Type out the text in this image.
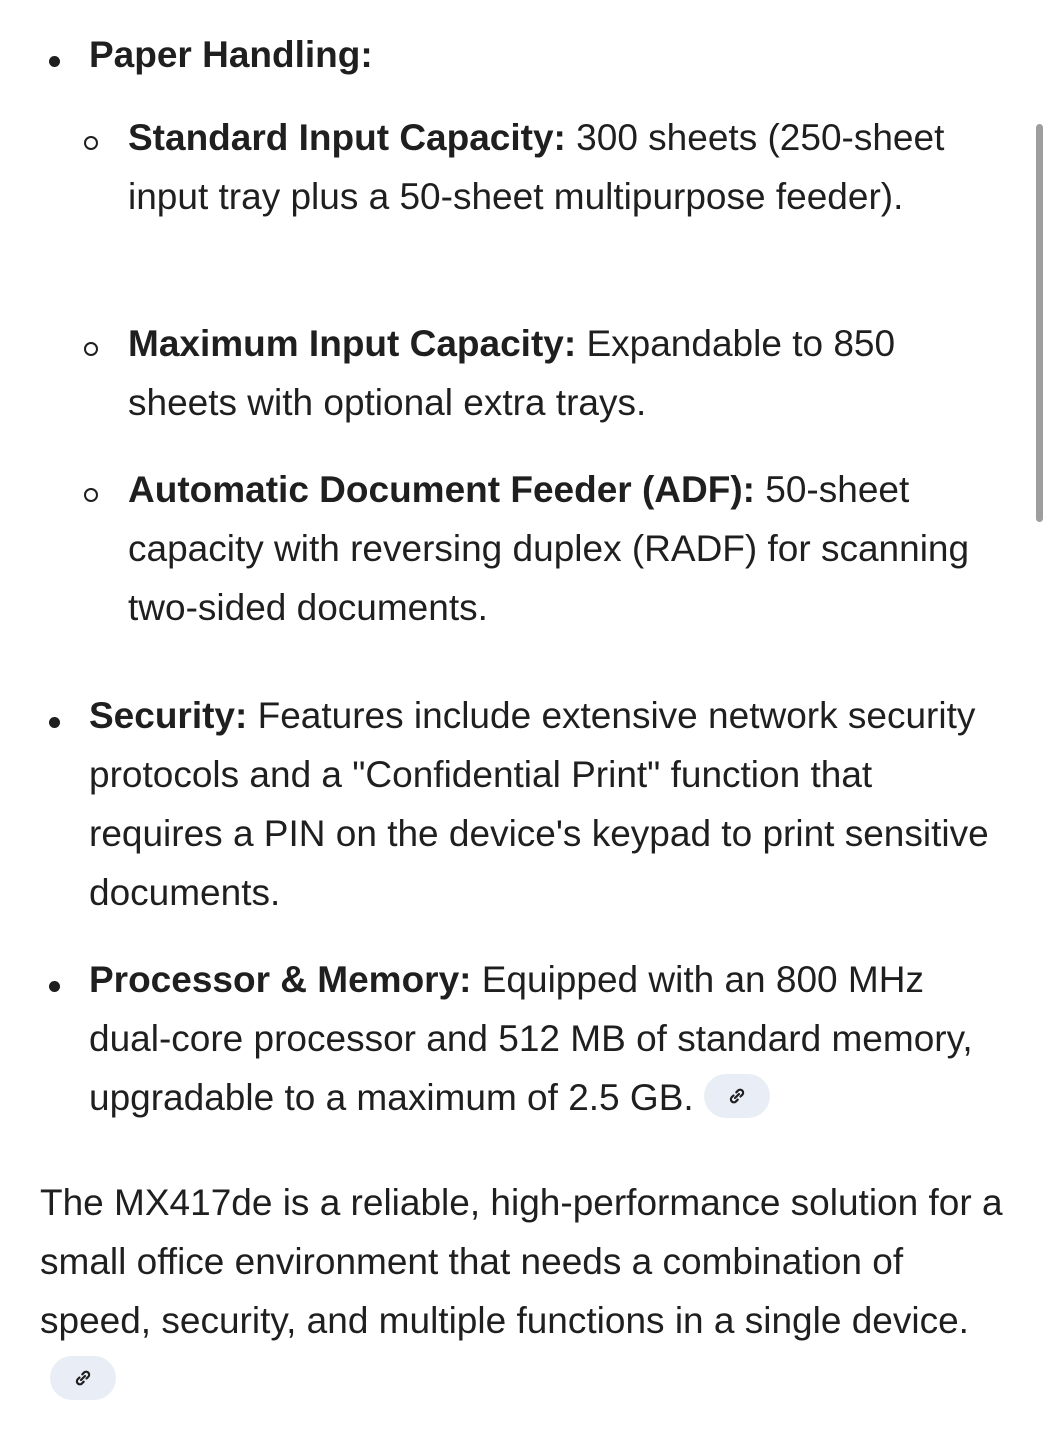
Paper Handling:
Standard Input Capacity: 300 sheets (250-sheet input tray plus a 50-sheet multipurpose feeder).
Maximum Input Capacity: Expandable to 850 sheets with optional extra trays.
Automatic Document Feeder (ADF): 50-sheet capacity with reversing duplex (RADF) for scanning two-sided documents.
Security: Features include extensive network security protocols and a "Confidential Print" function that requires a PIN on the device's keypad to print sensitive documents.
Processor & Memory: Equipped with an 800 MHz dual-core processor and 512 MB of standard memory, upgradable to a maximum of 2.5 GB.
The MX417de is a reliable, high-performance solution for a small office environment that needs a combination of speed, security, and multiple functions in a single device.
